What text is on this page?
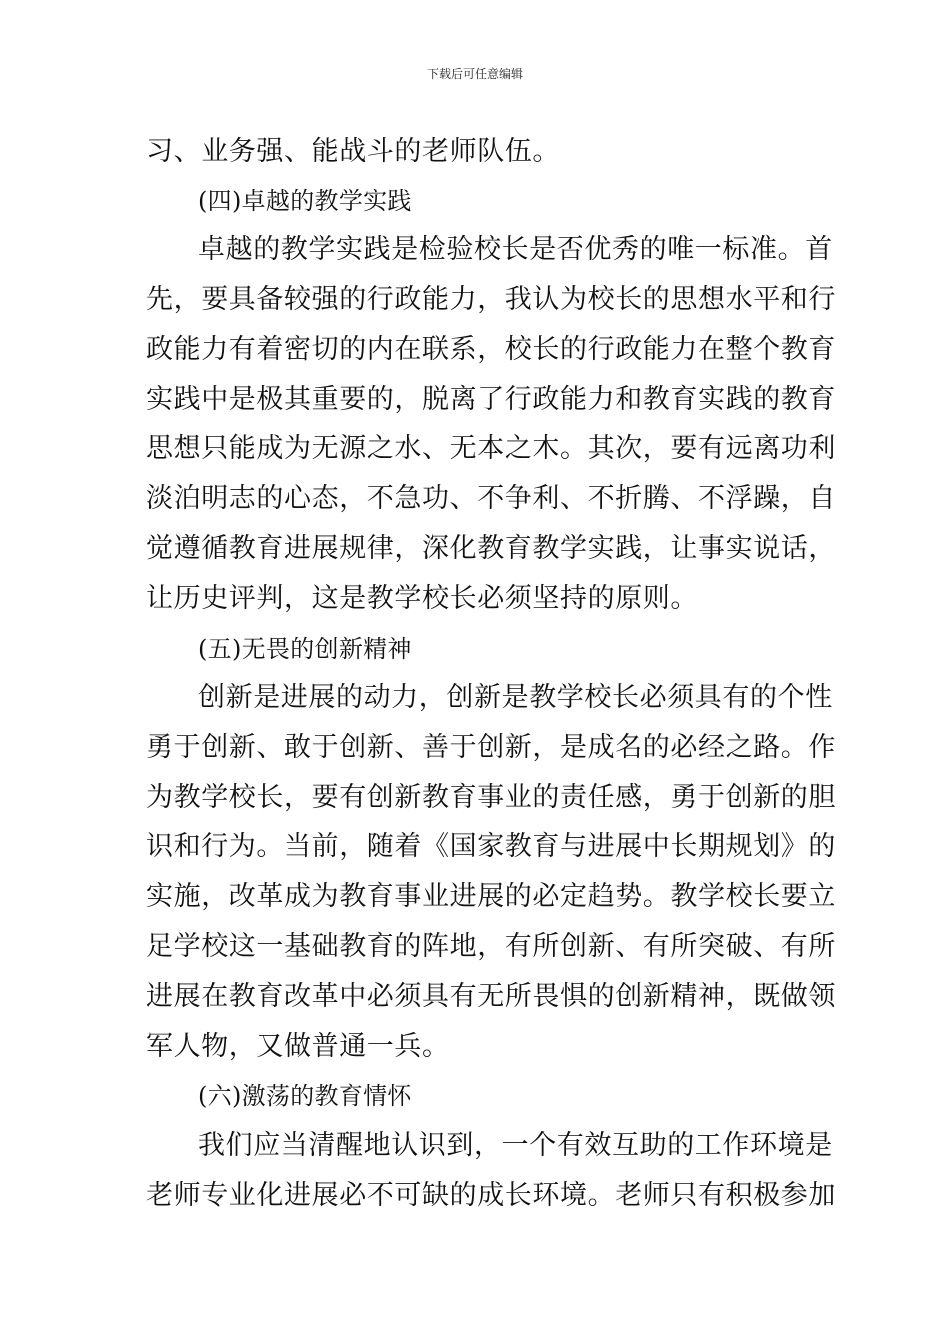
下载后可任意编辑
习、业务强、能战斗的老师队伍。
(四)卓越的教学实践
卓越的教学实践是检验校长是否优秀的唯一标准。首
先，要具备较强的行政能力，我认为校长的思想水平和行
政能力有着密切的内在联系，校长的行政能力在整个教育
实践中是极其重要的，脱离了行政能力和教育实践的教育
思想只能成为无源之水、无本之木。其次，要有远离功利
淡泊明志的心态，不急功、不争利、不折腾、不浮躁，自
觉遵循教育进展规律，深化教育教学实践，让事实说话，
让历史评判，这是教学校长必须坚持的原则。
(五)无畏的创新精神
创新是进展的动力，创新是教学校长必须具有的个性
勇于创新、敢于创新、善于创新，是成名的必经之路。作
为教学校长，要有创新教育事业的责任感，勇于创新的胆
识和行为。当前，随着《国家教育与进展中长期规划》的
实施，改革成为教育事业进展的必定趋势。教学校长要立
足学校这一基础教育的阵地，有所创新、有所突破、有所
进展在教育改革中必须具有无所畏惧的创新精神，既做领
军人物，又做普通一兵。
(六)激荡的教育情怀
我们应当清醒地认识到，一个有效互助的工作环境是
老师专业化进展必不可缺的成长环境。老师只有积极参加
